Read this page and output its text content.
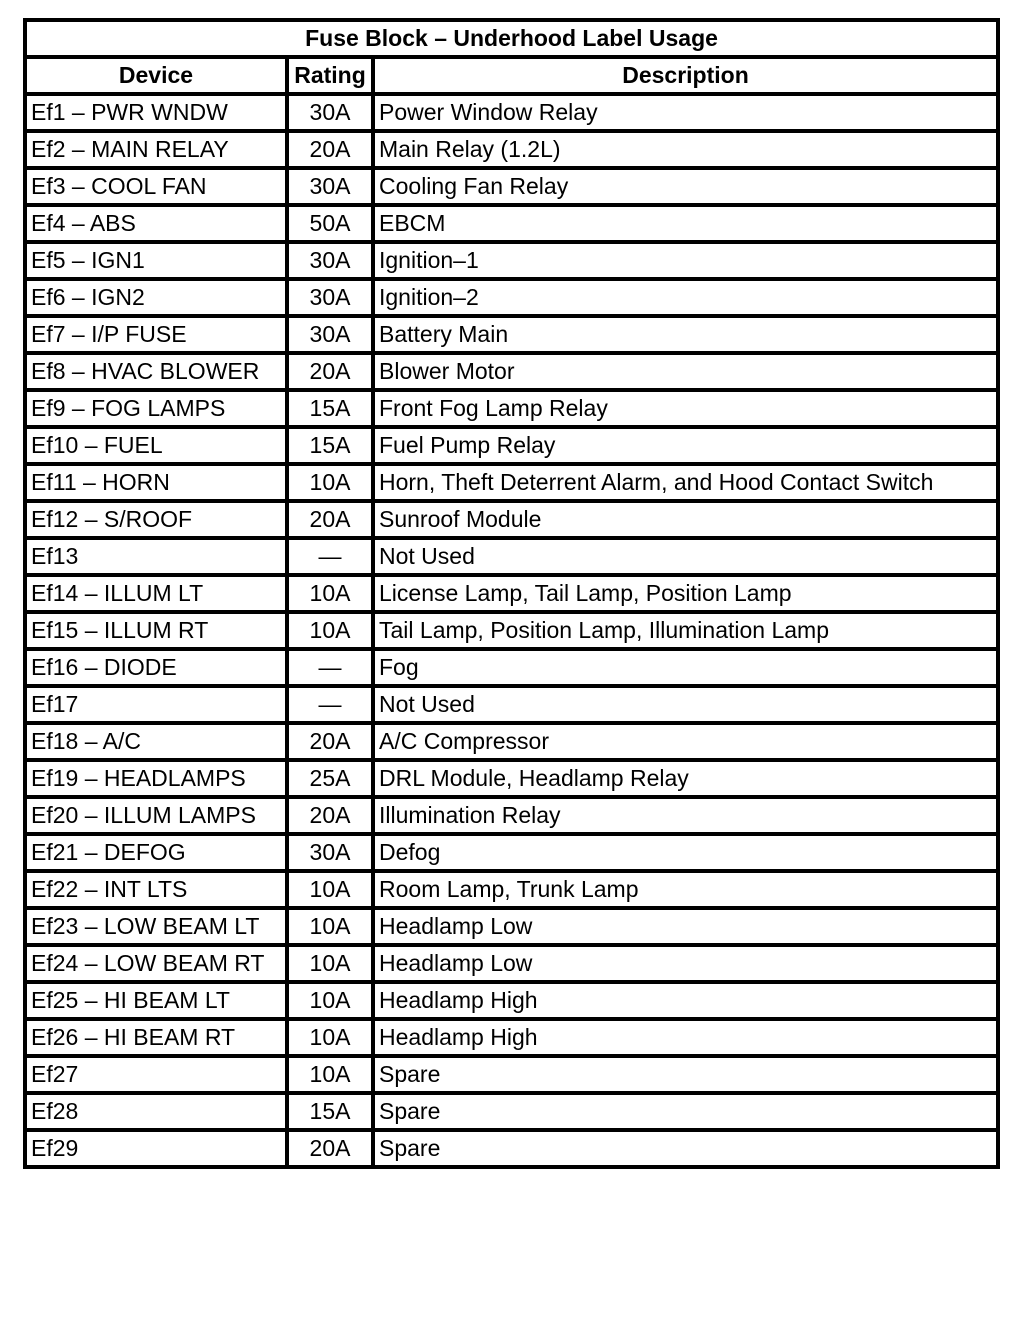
Fuse Block – Underhood Label Usage		
Device	Rating	Description
Ef1 – PWR WNDW	30A	Power Window Relay
Ef2 – MAIN RELAY	20A	Main Relay (1.2L)
Ef3 – COOL FAN	30A	Cooling Fan Relay
Ef4 – ABS	50A	EBCM
Ef5 – IGN1	30A	Ignition–1
Ef6 – IGN2	30A	Ignition–2
Ef7 – I/P FUSE	30A	Battery Main
Ef8 – HVAC BLOWER	20A	Blower Motor
Ef9 – FOG LAMPS	15A	Front Fog Lamp Relay
Ef10 – FUEL	15A	Fuel Pump Relay
Ef11 – HORN	10A	Horn, Theft Deterrent Alarm, and Hood Contact Switch
Ef12 – S/ROOF	20A	Sunroof Module
Ef13	—	Not Used
Ef14 – ILLUM LT	10A	License Lamp, Tail Lamp, Position Lamp
Ef15 – ILLUM RT	10A	Tail Lamp, Position Lamp, Illumination Lamp
Ef16 – DIODE	—	Fog
Ef17	—	Not Used
Ef18 – A/C	20A	A/C Compressor
Ef19 – HEADLAMPS	25A	DRL Module, Headlamp Relay
Ef20 – ILLUM LAMPS	20A	Illumination Relay
Ef21 – DEFOG	30A	Defog
Ef22 – INT LTS	10A	Room Lamp, Trunk Lamp
Ef23 – LOW BEAM LT	10A	Headlamp Low
Ef24 – LOW BEAM RT	10A	Headlamp Low
Ef25 – HI BEAM LT	10A	Headlamp High
Ef26 – HI BEAM RT	10A	Headlamp High
Ef27	10A	Spare
Ef28	15A	Spare
Ef29	20A	Spare
